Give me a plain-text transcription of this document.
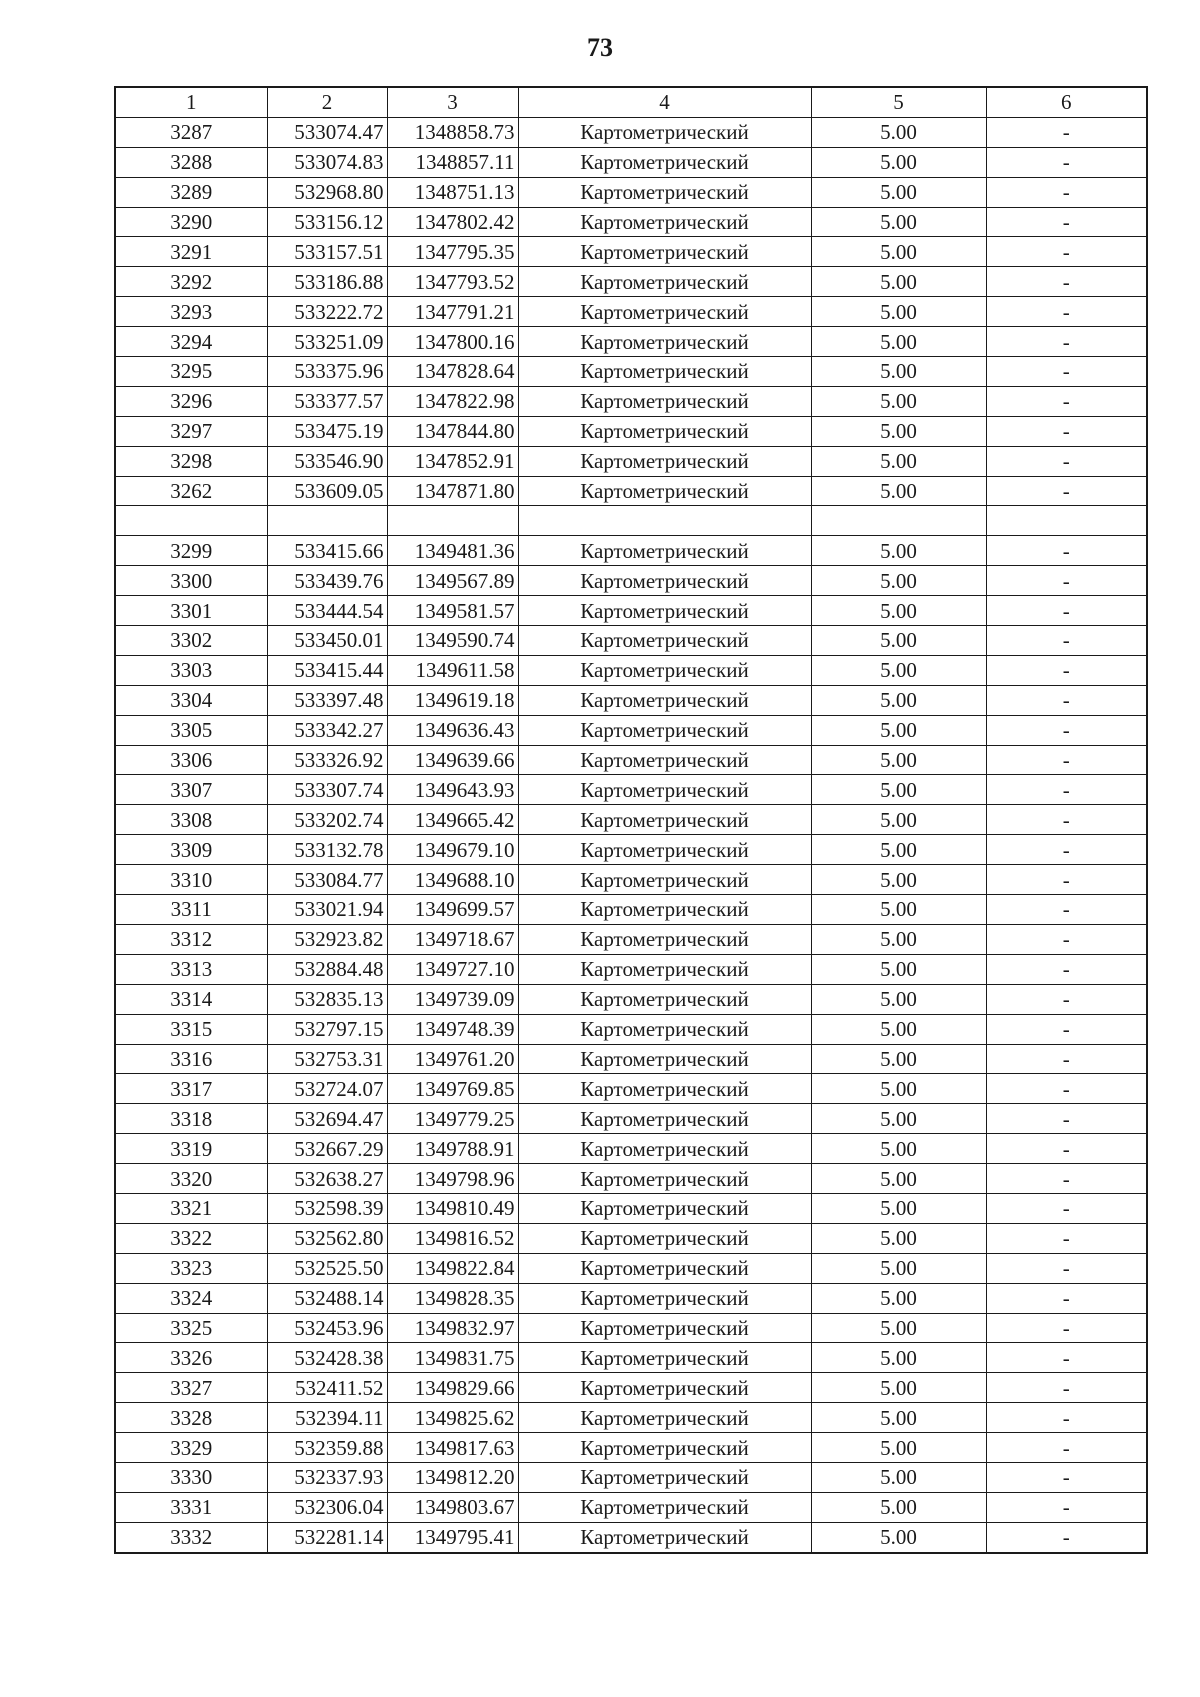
73
1	2	3	4	5	6
3287	533074.47	1348858.73	Картометрический	5.00	-
3288	533074.83	1348857.11	Картометрический	5.00	-
3289	532968.80	1348751.13	Картометрический	5.00	-
3290	533156.12	1347802.42	Картометрический	5.00	-
3291	533157.51	1347795.35	Картометрический	5.00	-
3292	533186.88	1347793.52	Картометрический	5.00	-
3293	533222.72	1347791.21	Картометрический	5.00	-
3294	533251.09	1347800.16	Картометрический	5.00	-
3295	533375.96	1347828.64	Картометрический	5.00	-
3296	533377.57	1347822.98	Картометрический	5.00	-
3297	533475.19	1347844.80	Картометрический	5.00	-
3298	533546.90	1347852.91	Картометрический	5.00	-
3262	533609.05	1347871.80	Картометрический	5.00	-

3299	533415.66	1349481.36	Картометрический	5.00	-
3300	533439.76	1349567.89	Картометрический	5.00	-
3301	533444.54	1349581.57	Картометрический	5.00	-
3302	533450.01	1349590.74	Картометрический	5.00	-
3303	533415.44	1349611.58	Картометрический	5.00	-
3304	533397.48	1349619.18	Картометрический	5.00	-
3305	533342.27	1349636.43	Картометрический	5.00	-
3306	533326.92	1349639.66	Картометрический	5.00	-
3307	533307.74	1349643.93	Картометрический	5.00	-
3308	533202.74	1349665.42	Картометрический	5.00	-
3309	533132.78	1349679.10	Картометрический	5.00	-
3310	533084.77	1349688.10	Картометрический	5.00	-
3311	533021.94	1349699.57	Картометрический	5.00	-
3312	532923.82	1349718.67	Картометрический	5.00	-
3313	532884.48	1349727.10	Картометрический	5.00	-
3314	532835.13	1349739.09	Картометрический	5.00	-
3315	532797.15	1349748.39	Картометрический	5.00	-
3316	532753.31	1349761.20	Картометрический	5.00	-
3317	532724.07	1349769.85	Картометрический	5.00	-
3318	532694.47	1349779.25	Картометрический	5.00	-
3319	532667.29	1349788.91	Картометрический	5.00	-
3320	532638.27	1349798.96	Картометрический	5.00	-
3321	532598.39	1349810.49	Картометрический	5.00	-
3322	532562.80	1349816.52	Картометрический	5.00	-
3323	532525.50	1349822.84	Картометрический	5.00	-
3324	532488.14	1349828.35	Картометрический	5.00	-
3325	532453.96	1349832.97	Картометрический	5.00	-
3326	532428.38	1349831.75	Картометрический	5.00	-
3327	532411.52	1349829.66	Картометрический	5.00	-
3328	532394.11	1349825.62	Картометрический	5.00	-
3329	532359.88	1349817.63	Картометрический	5.00	-
3330	532337.93	1349812.20	Картометрический	5.00	-
3331	532306.04	1349803.67	Картометрический	5.00	-
3332	532281.14	1349795.41	Картометрический	5.00	-
